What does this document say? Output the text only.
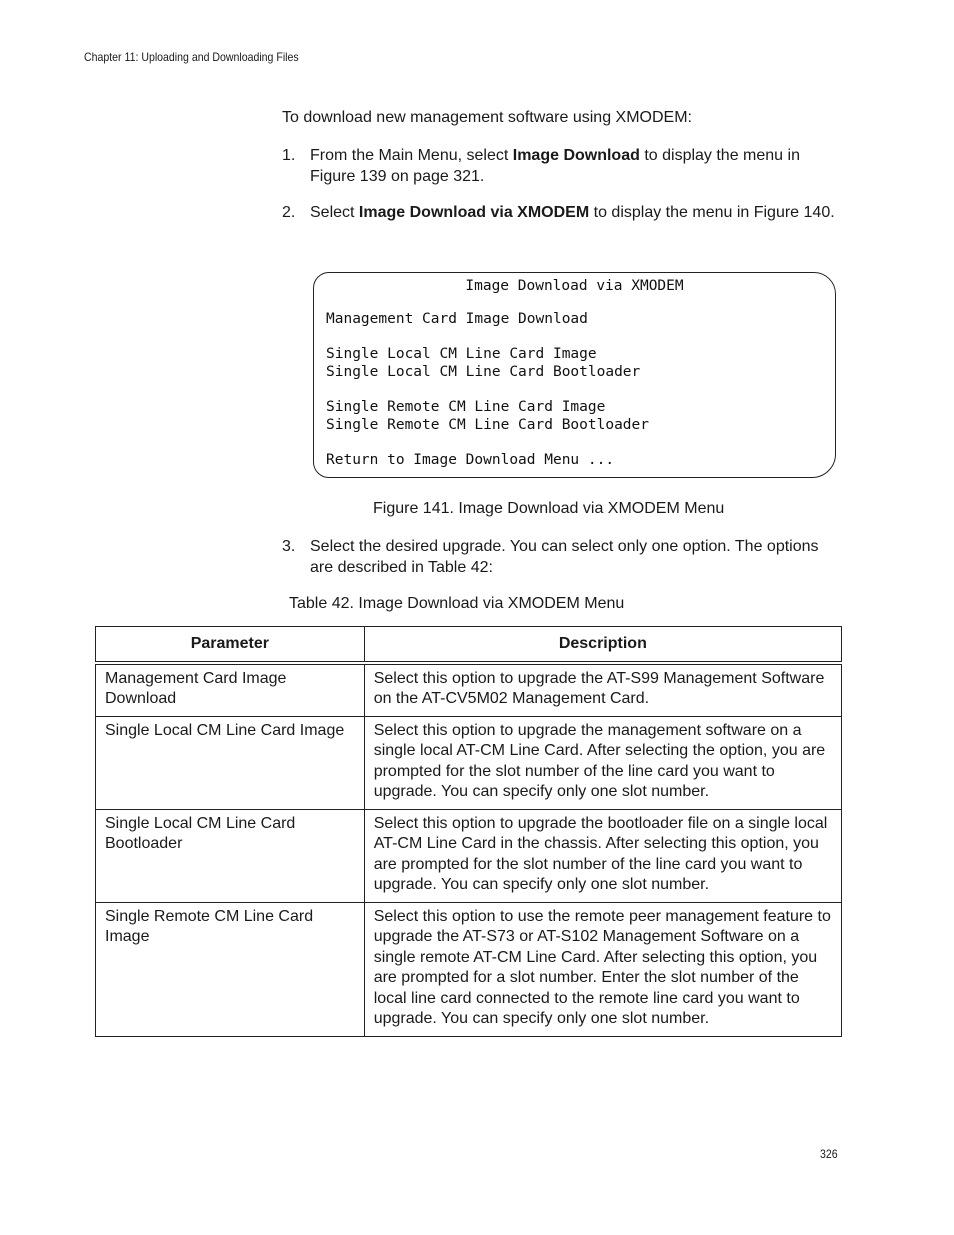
Chapter 11: Uploading and Downloading Files
To download new management software using XMODEM:
1. From the Main Menu, select Image Download to display the menu in Figure 139 on page 321.
2. Select Image Download via XMODEM to display the menu in Figure 140.
Image Download via XMODEM
Management Card Image Download
Single Local CM Line Card Image
Single Local CM Line Card Bootloader
Single Remote CM Line Card Image
Single Remote CM Line Card Bootloader
Return to Image Download Menu ...
Figure 141. Image Download via XMODEM Menu
3. Select the desired upgrade. You can select only one option. The options are described in Table 42:
Table 42. Image Download via XMODEM Menu
Parameter	Description
Management Card Image Download	Select this option to upgrade the AT-S99 Management Software on the AT-CV5M02 Management Card.
Single Local CM Line Card Image	Select this option to upgrade the management software on a single local AT-CM Line Card. After selecting the option, you are prompted for the slot number of the line card you want to upgrade. You can specify only one slot number.
Single Local CM Line Card Bootloader	Select this option to upgrade the bootloader file on a single local AT-CM Line Card in the chassis. After selecting this option, you are prompted for the slot number of the line card you want to upgrade. You can specify only one slot number.
Single Remote CM Line Card Image	Select this option to use the remote peer management feature to upgrade the AT-S73 or AT-S102 Management Software on a single remote AT-CM Line Card. After selecting this option, you are prompted for a slot number. Enter the slot number of the local line card connected to the remote line card you want to upgrade. You can specify only one slot number.
326
